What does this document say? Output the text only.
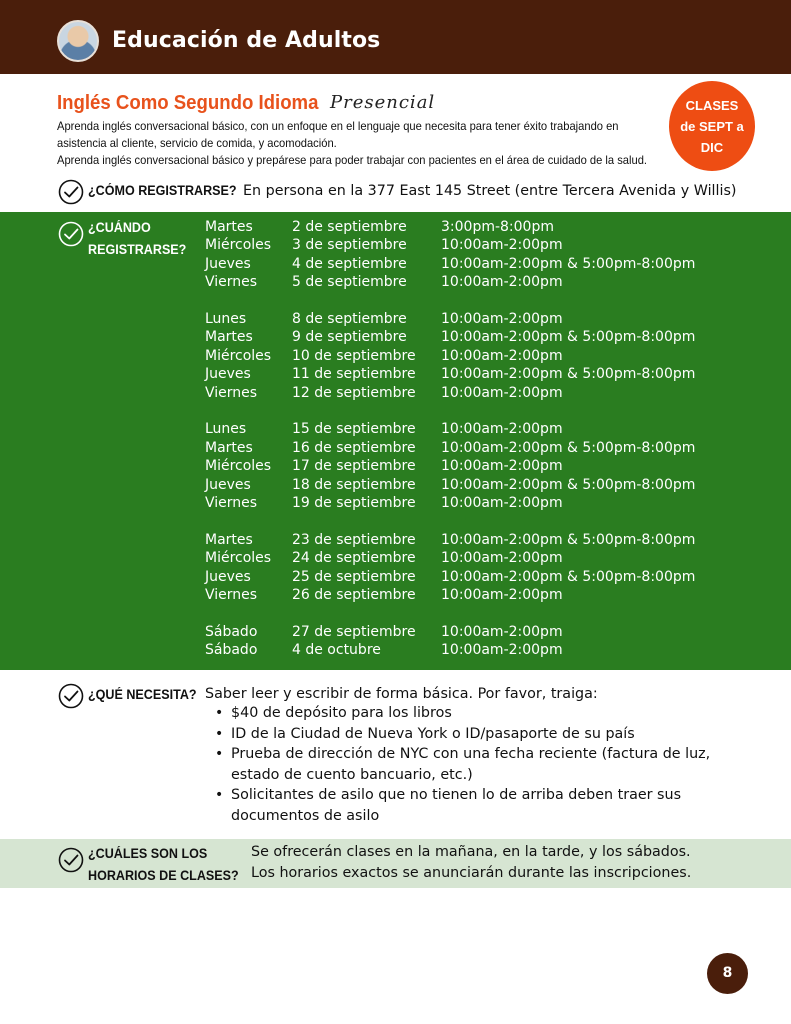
Educación de Adultos
Inglés Como Segundo Idioma Presencial
Aprenda inglés conversacional básico, con un enfoque en el lenguaje que necesita para tener éxito trabajando en
asistencia al cliente, servicio de comida, y acomodación.
Aprenda inglés conversacional básico y prepárese para poder trabajar con pacientes en el área de cuidado de la salud.
CLASES
de SEPT a
DIC
¿CÓMO REGISTRARSE? En persona en la 377 East 145 Street (entre Tercera Avenida y Willis)
¿CUÁNDO
REGISTRARSE?
Martes	2 de septiembre 3:00pm-8:00pm
Miércoles 3 de septiembre 10:00am-2:00pm
Jueves	4 de septiembre 10:00am-2:00pm & 5:00pm-8:00pm
Viernes 5 de septiembre 10:00am-2:00pm
Lunes	8 de septiembre 10:00am-2:00pm
Martes	9 de septiembre 10:00am-2:00pm & 5:00pm-8:00pm
Miércoles 10 de septiembre 10:00am-2:00pm
Jueves	11 de septiembre 10:00am-2:00pm & 5:00pm-8:00pm
Viernes 12 de septiembre 10:00am-2:00pm
Lunes	15 de septiembre 10:00am-2:00pm
Martes	16 de septiembre 10:00am-2:00pm & 5:00pm-8:00pm
Miércoles 17 de septiembre 10:00am-2:00pm
Jueves	18 de septiembre 10:00am-2:00pm & 5:00pm-8:00pm
Viernes 19 de septiembre 10:00am-2:00pm
Martes	23 de septiembre 10:00am-2:00pm & 5:00pm-8:00pm
Miércoles 24 de septiembre 10:00am-2:00pm
Jueves	25 de septiembre 10:00am-2:00pm & 5:00pm-8:00pm
Viernes 26 de septiembre 10:00am-2:00pm
Sábado 27 de septiembre 10:00am-2:00pm
Sábado 4 de octubre	10:00am-2:00pm
¿QUÉ NECESITA? Saber leer y escribir de forma básica. Por favor, traiga:
• $40 de depósito para los libros
• ID de la Ciudad de Nueva York o ID/pasaporte de su país
• Prueba de dirección de NYC con una fecha reciente (factura de luz, estado de cuento bancuario, etc.)
• Solicitantes de asilo que no tienen lo de arriba deben traer sus documentos de asilo
¿CUÁLES SON LOS
HORARIOS DE CLASES?
Se ofrecerán clases en la mañana, en la tarde, y los sábados.
Los horarios exactos se anunciarán durante las inscripciones.
8
